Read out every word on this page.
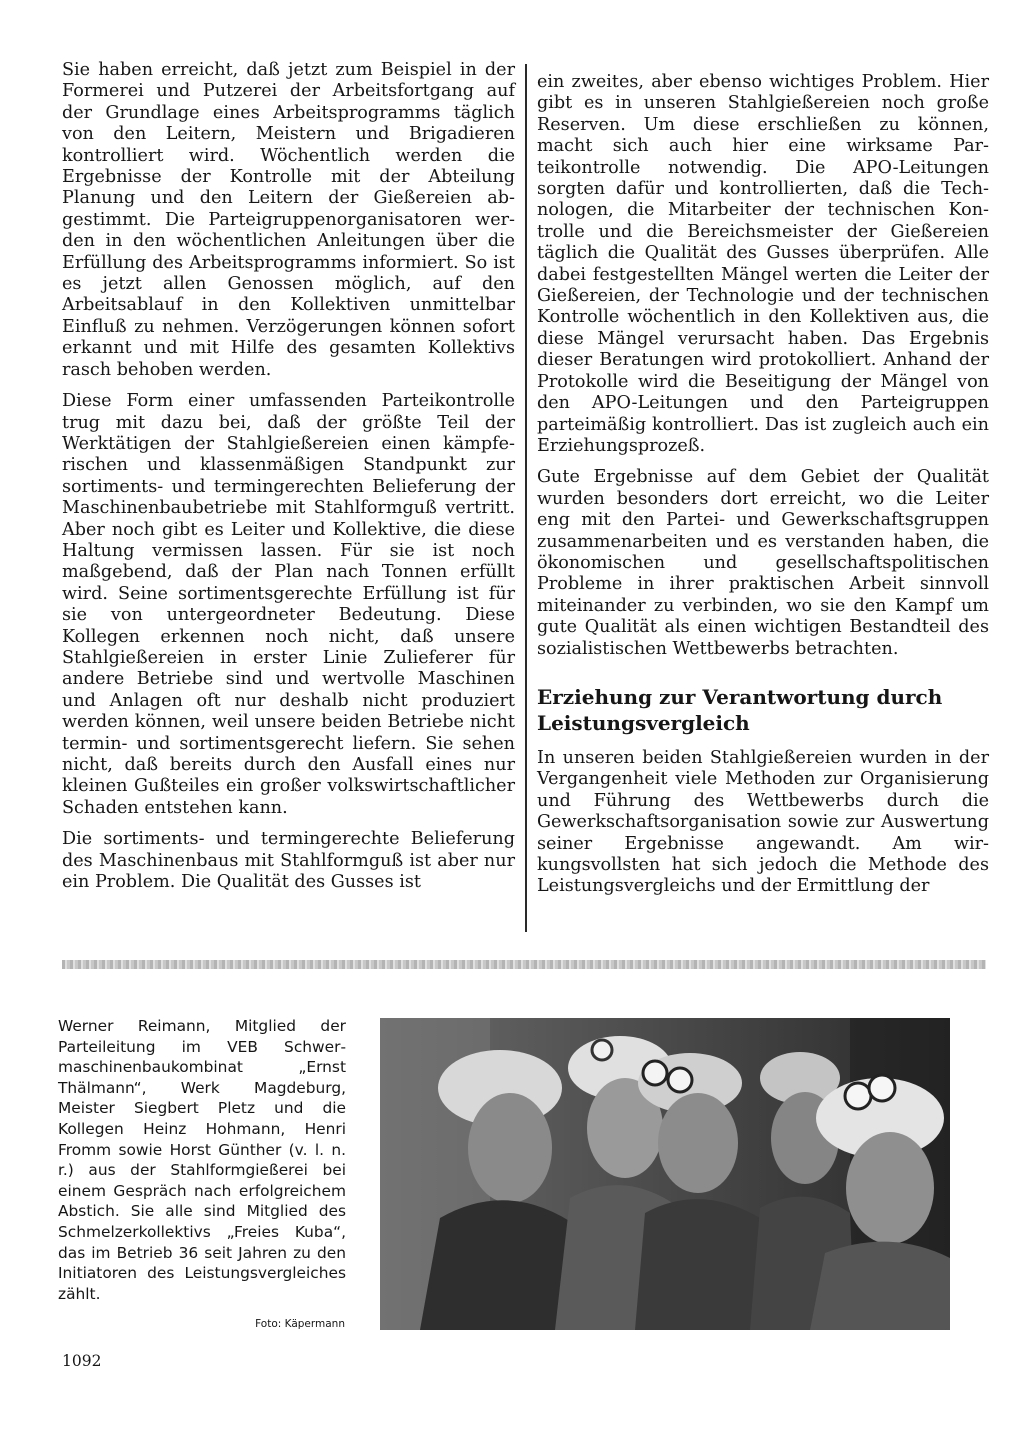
Sie haben erreicht, daß jetzt zum Beispiel in der Formerei und Putzerei der Arbeitsfortgang auf der Grundlage eines Arbeitsprogramms täglich von den Leitern, Meistern und Brigadieren kontrolliert wird. Wöchentlich werden die Ergebnisse der Kontrolle mit der Abteilung Planung und den Leitern der Gießereien abgestimmt. Die Parteigruppenorganisatoren werden in den wöchentlichen Anleitungen über die Erfüllung des Arbeitsprogramms informiert. So ist es jetzt allen Genossen möglich, auf den Arbeitsablauf in den Kollektiven unmittelbar Einfluß zu nehmen. Verzögerungen können sofort erkannt und mit Hilfe des gesamten Kollektivs rasch behoben werden.

Diese Form einer umfassenden Parteikontrolle trug mit dazu bei, daß der größte Teil der Werktätigen der Stahlgießereien einen kämpferischen und klassenmäßigen Standpunkt zur sortiments- und termingerechten Belieferung der Maschinenbaubetriebe mit Stahlformguß vertritt. Aber noch gibt es Leiter und Kollektive, die diese Haltung vermissen lassen. Für sie ist noch maßgebend, daß der Plan nach Tonnen erfüllt wird. Seine sortimentsgerechte Erfüllung ist für sie von untergeordneter Bedeutung. Diese Kollegen erkennen noch nicht, daß unsere Stahlgießereien in erster Linie Zulieferer für andere Betriebe sind und wertvolle Maschinen und Anlagen oft nur deshalb nicht produziert werden können, weil unsere beiden Betriebe nicht termin- und sortimentsgerecht liefern. Sie sehen nicht, daß bereits durch den Ausfall eines nur kleinen Gußteiles ein großer volkswirtschaftlicher Schaden entstehen kann.

Die sortiments- und termingerechte Belieferung des Maschinenbaus mit Stahlformguß ist aber nur ein Problem. Die Qualität des Gusses ist

ein zweites, aber ebenso wichtiges Problem. Hier gibt es in unseren Stahlgießereien noch große Reserven. Um diese erschließen zu können, macht sich auch hier eine wirksame Parteikontrolle notwendig. Die APO-Leitungen sorgten dafür und kontrollierten, daß die Technologen, die Mitarbeiter der technischen Kontrolle und die Bereichsmeister der Gießereien täglich die Qualität des Gusses überprüfen. Alle dabei festgestellten Mängel werten die Leiter der Gießereien, der Technologie und der technischen Kontrolle wöchentlich in den Kollektiven aus, die diese Mängel verursacht haben. Das Ergebnis dieser Beratungen wird protokolliert. Anhand der Protokolle wird die Beseitigung der Mängel von den APO-Leitungen und den Parteigruppen parteimäßig kontrolliert. Das ist zugleich auch ein Erziehungsprozeß.

Gute Ergebnisse auf dem Gebiet der Qualität wurden besonders dort erreicht, wo die Leiter eng mit den Partei- und Gewerkschaftsgruppen zusammenarbeiten und es verstanden haben, die ökonomischen und gesellschaftspolitischen Probleme in ihrer praktischen Arbeit sinnvoll miteinander zu verbinden, wo sie den Kampf um gute Qualität als einen wichtigen Bestandteil des sozialistischen Wettbewerbs betrachten.

Erziehung zur Verantwortung durch Leistungsvergleich

In unseren beiden Stahlgießereien wurden in der Vergangenheit viele Methoden zur Organisierung und Führung des Wettbewerbs durch die Gewerkschaftsorganisation sowie zur Auswertung seiner Ergebnisse angewandt. Am wirkungsvollsten hat sich jedoch die Methode des Leistungsvergleichs und der Ermittlung der

Werner Reimann, Mitglied der Parteileitung im VEB Schwermaschinenbaukombinat „Ernst Thälmann“, Werk Magdeburg, Meister Siegbert Pletz und die Kollegen Heinz Hohmann, Henri Fromm sowie Horst Günther (v. l. n. r.) aus der Stahlformgießerei bei einem Gespräch nach erfolgreichem Abstich. Sie alle sind Mitglied des Schmelzerkollektivs „Freies Kuba“, das im Betrieb 36 seit Jahren zu den Initiatoren des Leistungsvergleiches zählt.
Foto: Käpermann
1092
